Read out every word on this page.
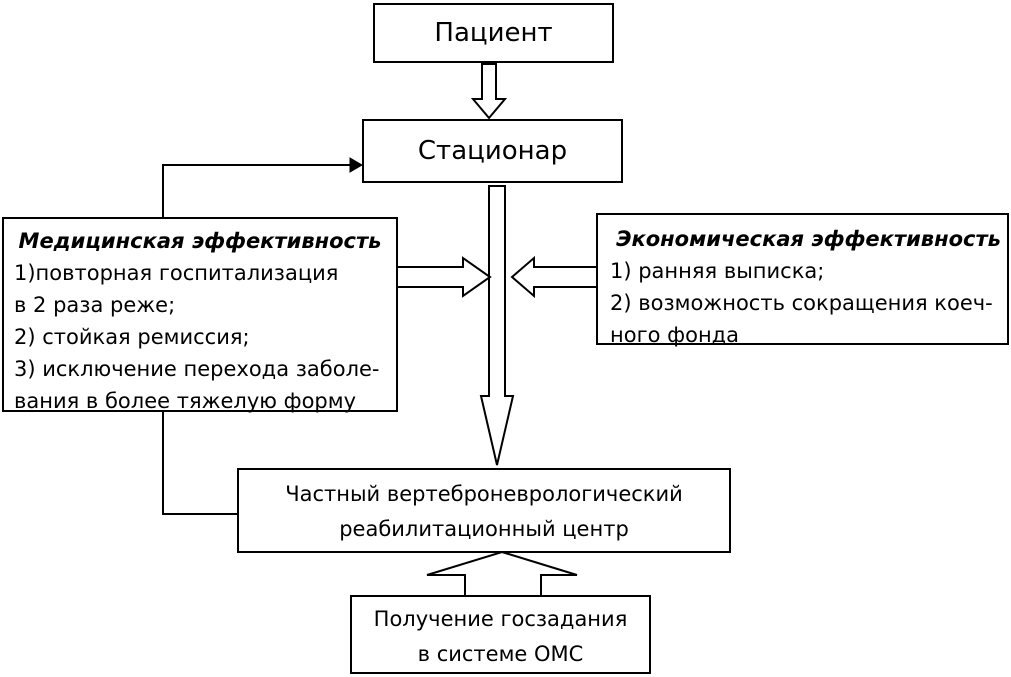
Пациент
Стационар
Медицинская эффективность
1)повторная госпитализация
в 2 раза реже;
2) стойкая ремиссия;
3) исключение перехода заболе-
вания в более тяжелую форму
Экономическая эффективность
1) ранняя выписка;
2) возможность сокращения коеч-
ного фонда
Частный вертеброневрологический
реабилитационный центр
Получение госзадания
в системе ОМС
